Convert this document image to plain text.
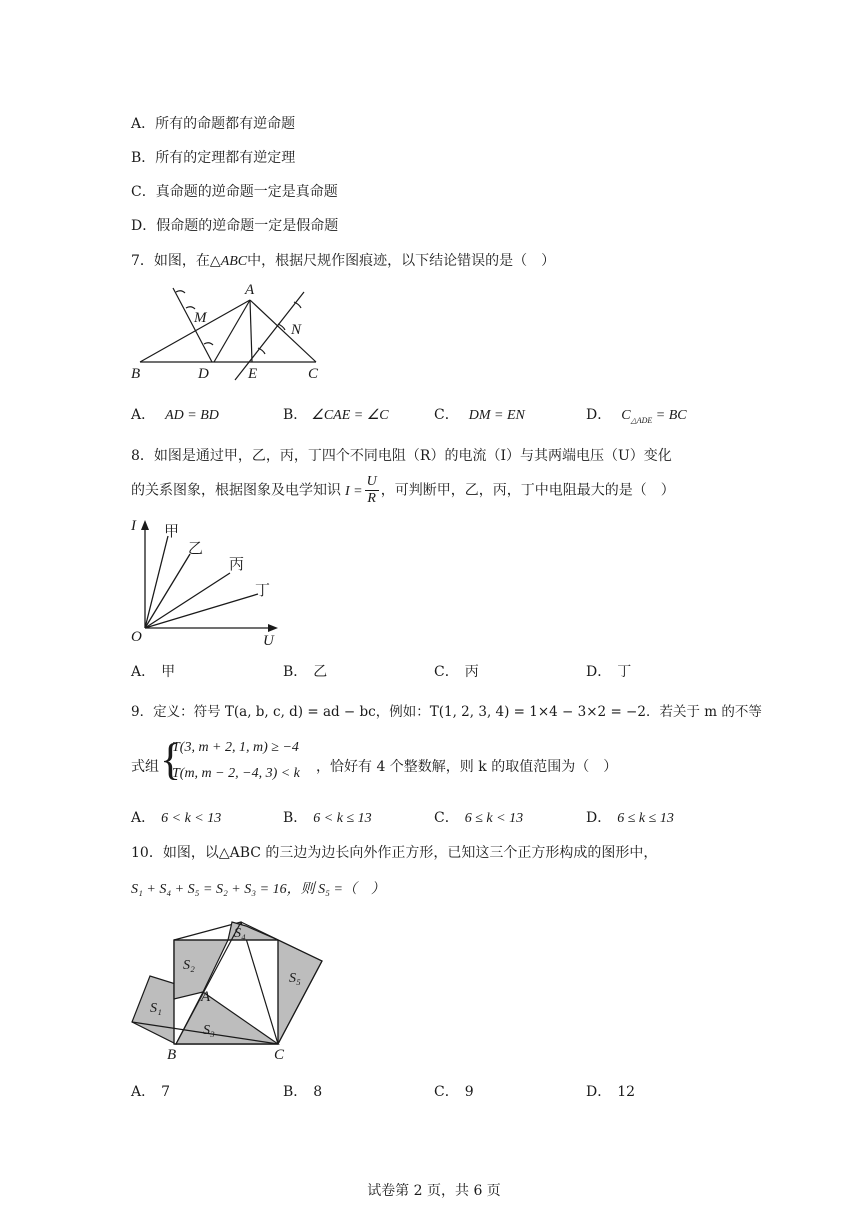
A．所有的命题都有逆命题
B．所有的定理都有逆定理
C．真命题的逆命题一定是真命题
D．假命题的逆命题一定是假命题
7．如图，在△ABC中，根据尺规作图痕迹，以下结论错误的是（　）
A
M
N
B	D	E	C
A． AD = BD	B． ∠CAE = ∠C	C． DM = EN	D． $C_{\triangle ADE}$ = BC
8．如图是通过甲，乙，丙，丁四个不同电阻（R）的电流（I）与其两端电压（U）变化
的关系图象，根据图象及电学知识 $I = \frac{U}{R}$ ，可判断甲，乙，丙，丁中电阻最大的是（　）
I
U
O
甲
乙
丙
丁
A． 甲	B． 乙	C． 丙	D． 丁
9．定义：符号 T(a, b, c, d) = ad − bc，例如：T(1, 2, 3, 4) = 1×4 − 3×2 = −2．若关于 m 的不等
式组 {
T(3, m + 2, 1, m) ≥ −4
T(m, m − 2, −4, 3) < k ，恰好有 4 个整数解，则 k 的取值范围为（　）
A． 6 < k < 13	B． 6 < k ≤ 13	C． 6 ≤ k < 13	D． 6 ≤ k ≤ 13
10．如图，以△ABC 的三边为边长向外作正方形，已知这三个正方形构成的图形中，
S₁ + S₄ + S₅ = S₂ + S₃ = 16，则 S₅ =（　）
S₁
S₂
S₃
S₄
S₅
A
B	C
A． 7	B． 8	C． 9	D． 12
试卷第 2 页，共 6 页
